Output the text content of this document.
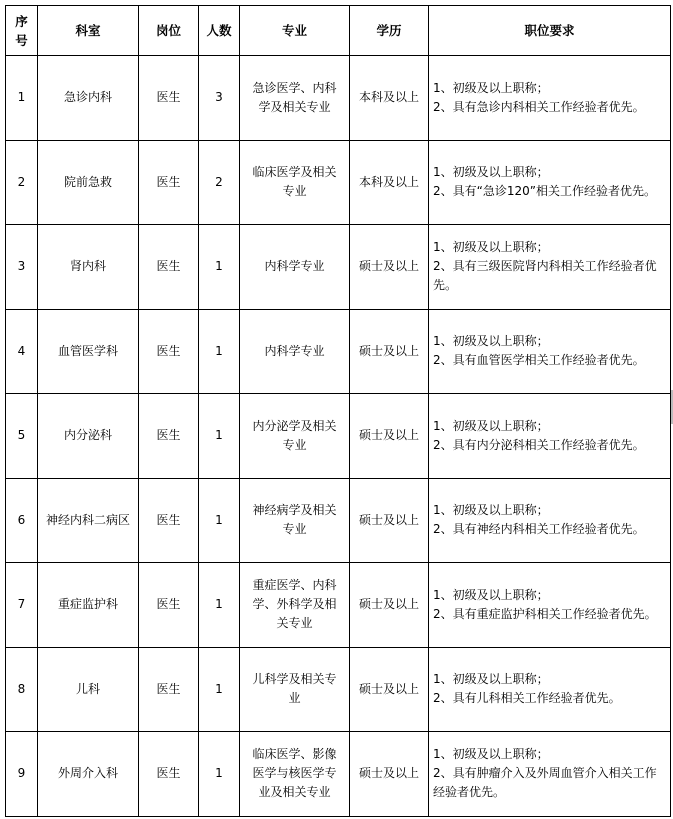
序号	科室	岗位	人数	专业	学历	职位要求
1	急诊内科	医生	3	急诊医学、内科学及相关专业	本科及以上	1、初级及以上职称；
2、具有急诊内科相关工作经验者优先。

2	院前急救	医生	2	临床医学及相关专业	本科及以上	1、初级及以上职称；
2、具有“急诊120”相关工作经验者优先。

3	肾内科	医生	1	内科学专业	硕士及以上	1、初级及以上职称；
2、具有三级医院肾内科相关工作经验者优先。

4	血管医学科	医生	1	内科学专业	硕士及以上	1、初级及以上职称；
2、具有血管医学相关工作经验者优先。

5	内分泌科	医生	1	内分泌学及相关专业	硕士及以上	1、初级及以上职称；
2、具有内分泌科相关工作经验者优先。

6	神经内科二病区	医生	1	神经病学及相关专业	硕士及以上	1、初级及以上职称；
2、具有神经内科相关工作经验者优先。

7	重症监护科	医生	1	重症医学、内科学、外科学及相关专业	硕士及以上	1、初级及以上职称；
2、具有重症监护科相关工作经验者优先。

8	儿科	医生	1	儿科学及相关专业	硕士及以上	1、初级及以上职称；
2、具有儿科相关工作经验者优先。

9	外周介入科	医生	1	临床医学、影像医学与核医学专业及相关专业	硕士及以上	1、初级及以上职称；
2、具有肿瘤介入及外周血管介入相关工作经验者优先。
